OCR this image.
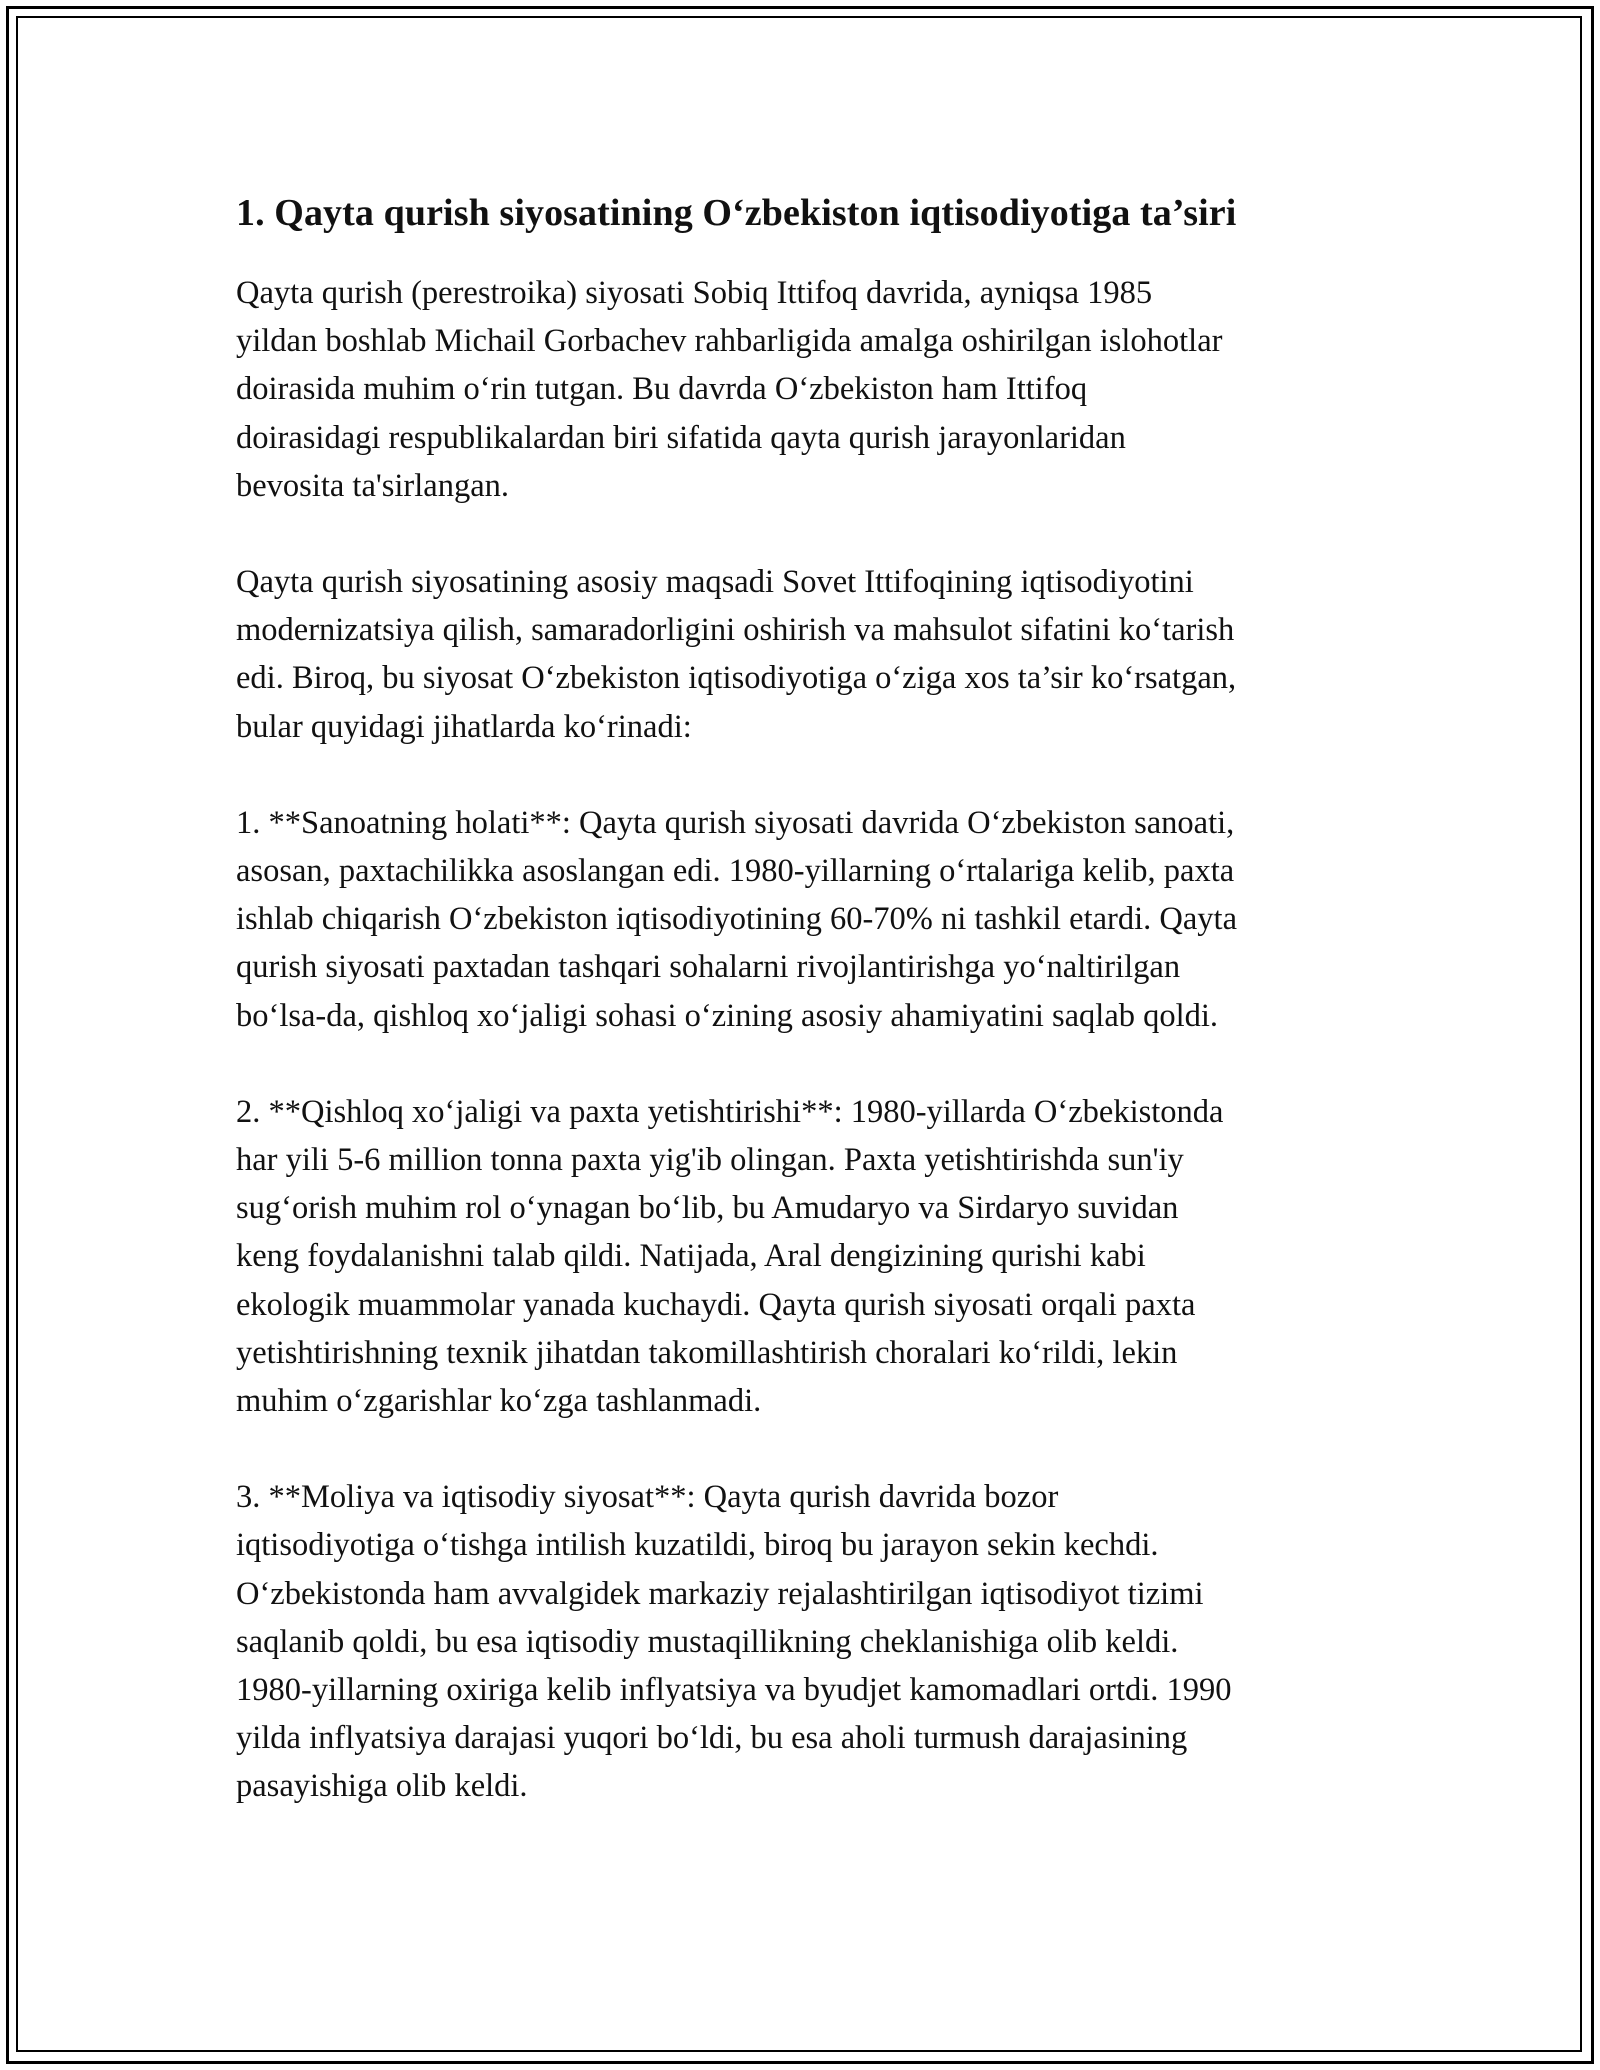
1. Qayta qurish siyosatining O‘zbekiston iqtisodiyotiga ta’siri

Qayta qurish (perestroika) siyosati Sobiq Ittifoq davrida, ayniqsa 1985
yildan boshlab Michail Gorbachev rahbarligida amalga oshirilgan islohotlar
doirasida muhim o‘rin tutgan. Bu davrda O‘zbekiston ham Ittifoq
doirasidagi respublikalardan biri sifatida qayta qurish jarayonlaridan
bevosita ta'sirlangan.

Qayta qurish siyosatining asosiy maqsadi Sovet Ittifoqining iqtisodiyotini
modernizatsiya qilish, samaradorligini oshirish va mahsulot sifatini ko‘tarish
edi. Biroq, bu siyosat O‘zbekiston iqtisodiyotiga o‘ziga xos ta’sir ko‘rsatgan,
bular quyidagi jihatlarda ko‘rinadi:

1. **Sanoatning holati**: Qayta qurish siyosati davrida O‘zbekiston sanoati,
asosan, paxtachilikka asoslangan edi. 1980-yillarning o‘rtalariga kelib, paxta
ishlab chiqarish O‘zbekiston iqtisodiyotining 60-70% ni tashkil etardi. Qayta
qurish siyosati paxtadan tashqari sohalarni rivojlantirishga yo‘naltirilgan
bo‘lsa-da, qishloq xo‘jaligi sohasi o‘zining asosiy ahamiyatini saqlab qoldi.

2. **Qishloq xo‘jaligi va paxta yetishtirishi**: 1980-yillarda O‘zbekistonda
har yili 5-6 million tonna paxta yig'ib olingan. Paxta yetishtirishda sun'iy
sug‘orish muhim rol o‘ynagan bo‘lib, bu Amudaryo va Sirdaryo suvidan
keng foydalanishni talab qildi. Natijada, Aral dengizining qurishi kabi
ekologik muammolar yanada kuchaydi. Qayta qurish siyosati orqali paxta
yetishtirishning texnik jihatdan takomillashtirish choralari ko‘rildi, lekin
muhim o‘zgarishlar ko‘zga tashlanmadi.

3. **Moliya va iqtisodiy siyosat**: Qayta qurish davrida bozor
iqtisodiyotiga o‘tishga intilish kuzatildi, biroq bu jarayon sekin kechdi.
O‘zbekistonda ham avvalgidek markaziy rejalashtirilgan iqtisodiyot tizimi
saqlanib qoldi, bu esa iqtisodiy mustaqillikning cheklanishiga olib keldi.
1980-yillarning oxiriga kelib inflyatsiya va byudjet kamomadlari ortdi. 1990
yilda inflyatsiya darajasi yuqori bo‘ldi, bu esa aholi turmush darajasining
pasayishiga olib keldi.
